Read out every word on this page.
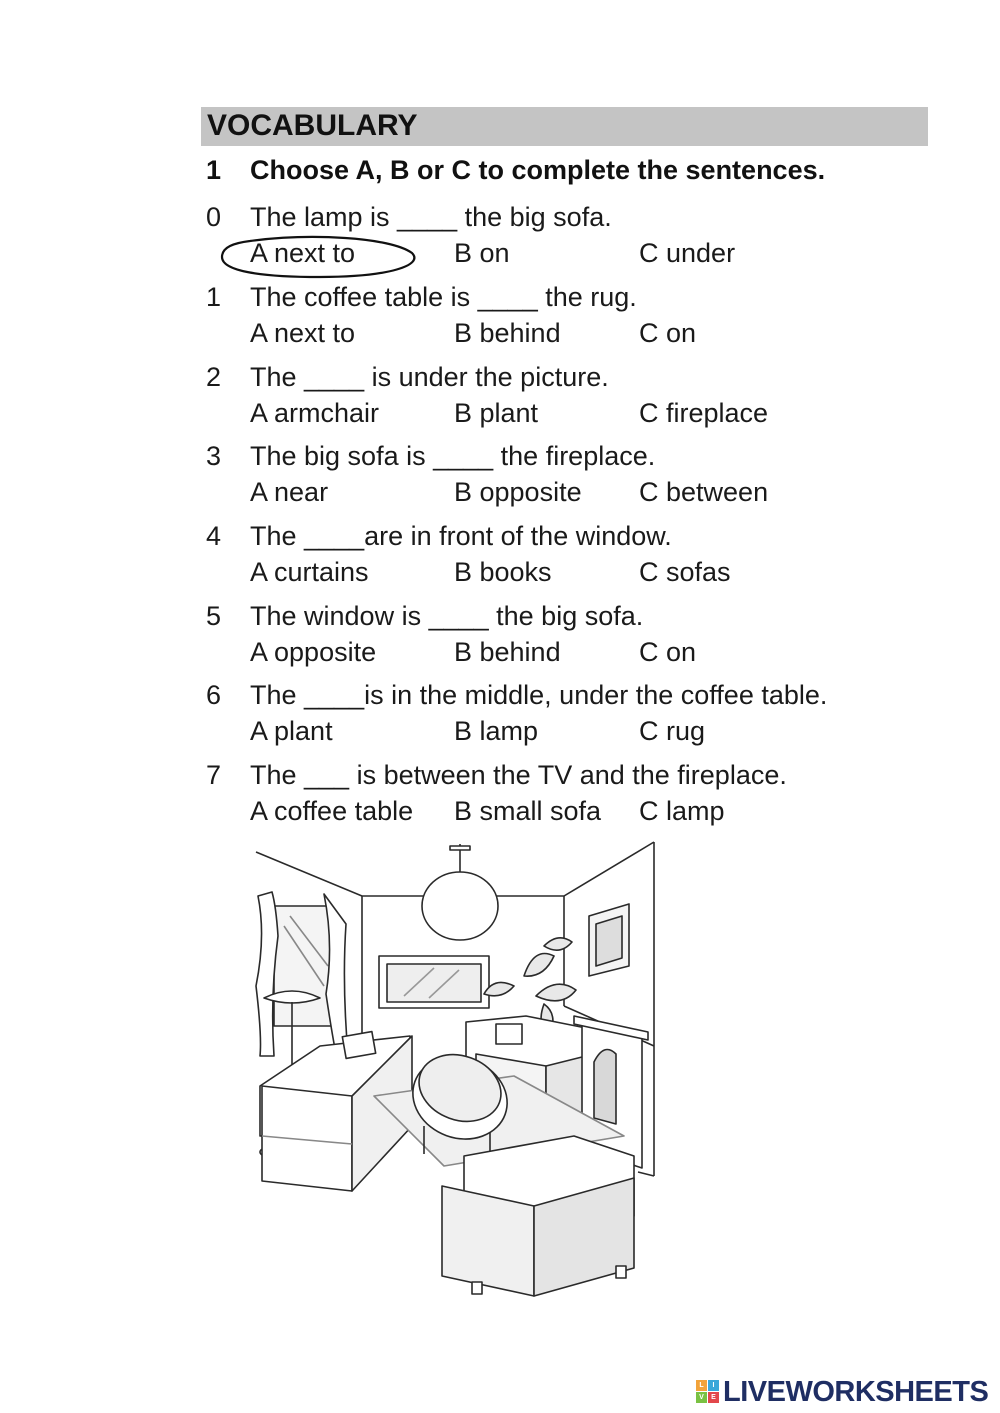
VOCABULARY
1 Choose A, B or C to complete the sentences.
0 The lamp is ____ the big sofa.
A next to	B on	C under
1 The coffee table is ____ the rug.
A next to	B behind	C on
2 The ____ is under the picture.
A armchair	B plant	C fireplace
3 The big sofa is ____ the fireplace.
A near	B opposite C between
4 The ____are in front of the window.
A curtains	B books	C sofas
5 The window is ____ the big sofa.
A opposite	B behind	C on
6 The ____is in the middle, under the coffee table.
A plant	B lamp	C rug
7 The ___ is between the TV and the fireplace.
A coffee table B small sofa C lamp
L	I
V	E LIVEWORKSHEETS
